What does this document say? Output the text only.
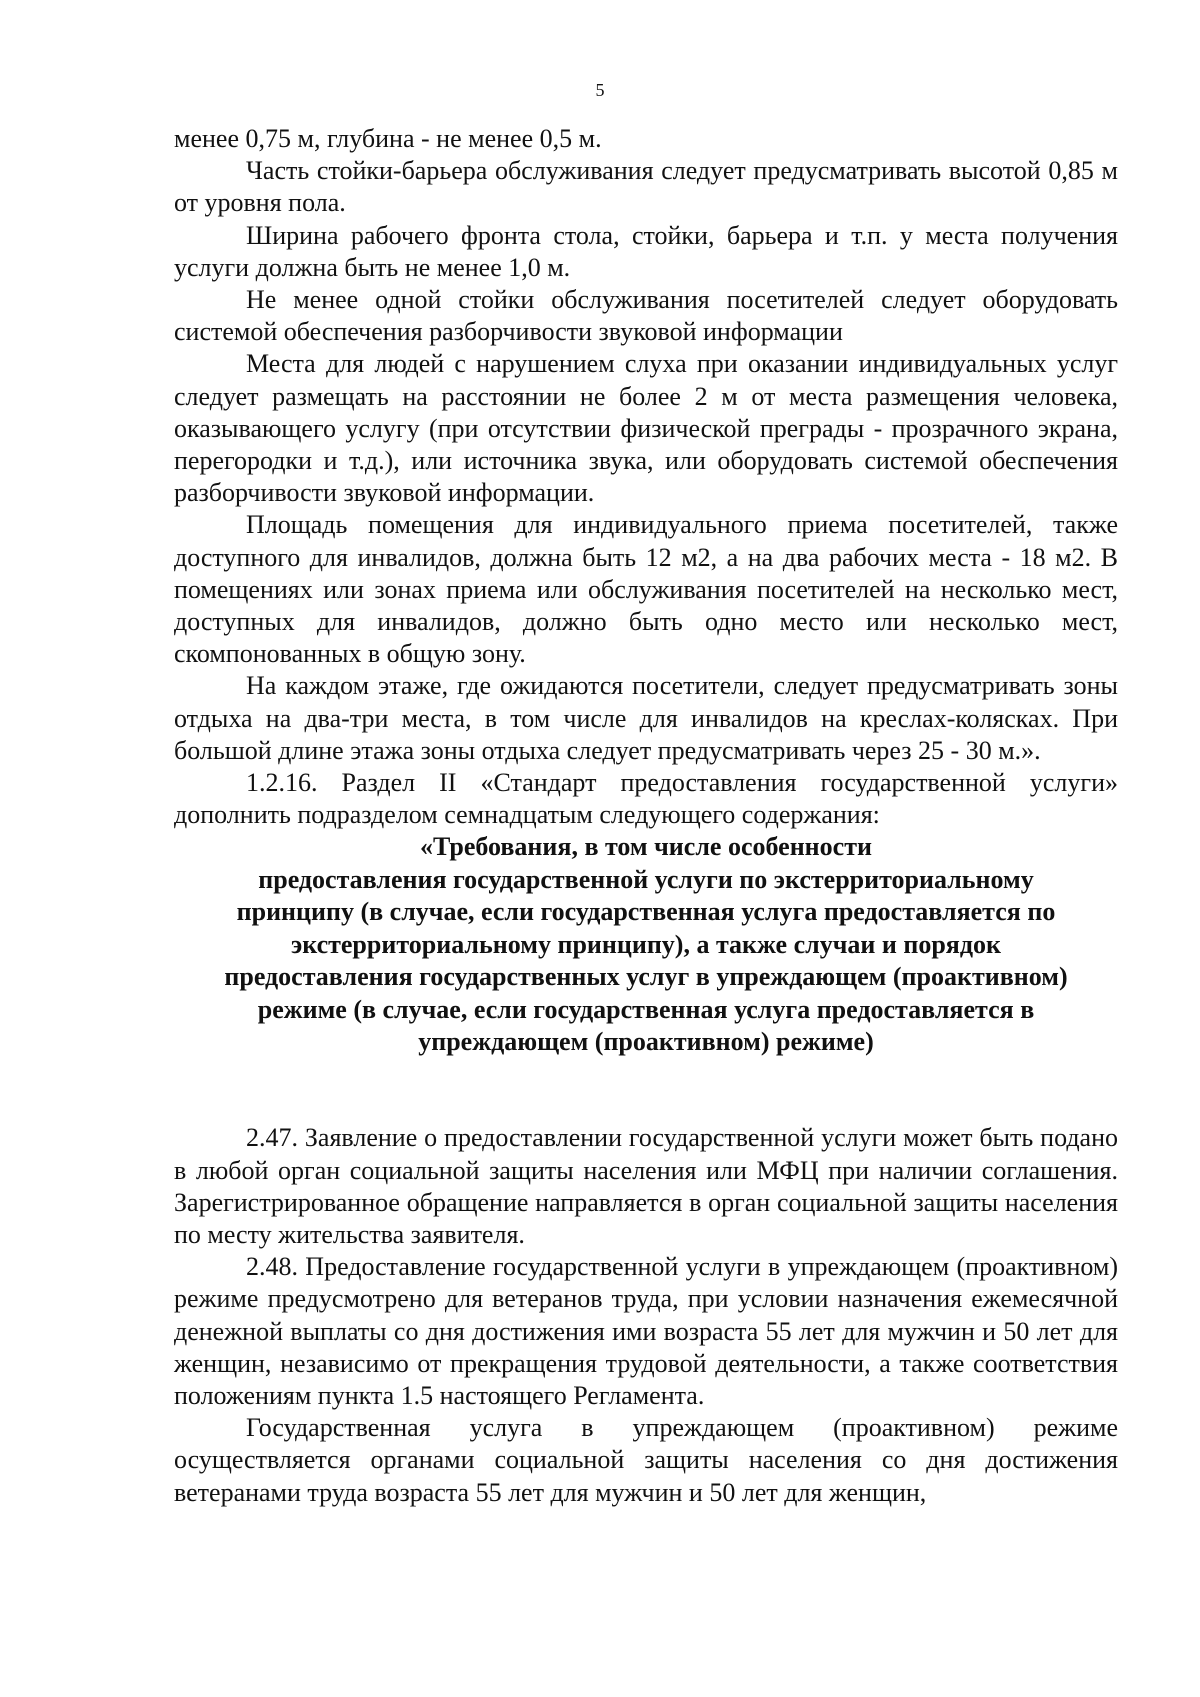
5

менее 0,75 м, глубина - не менее 0,5 м.

Часть стойки-барьера обслуживания следует предусматривать высотой 0,85 м от уровня пола.

Ширина рабочего фронта стола, стойки, барьера и т.п. у места получения услуги должна быть не менее 1,0 м.

Не менее одной стойки обслуживания посетителей следует оборудовать системой обеспечения разборчивости звуковой информации

Места для людей с нарушением слуха при оказании индивидуальных услуг следует размещать на расстоянии не более 2 м от места размещения человека, оказывающего услугу (при отсутствии физической преграды - прозрачного экрана, перегородки и т.д.), или источника звука, или оборудовать системой обеспечения разборчивости звуковой информации.

Площадь помещения для индивидуального приема посетителей, также доступного для инвалидов, должна быть 12 м2, а на два рабочих места - 18 м2. В помещениях или зонах приема или обслуживания посетителей на несколько мест, доступных для инвалидов, должно быть одно место или несколько мест, скомпонованных в общую зону.

На каждом этаже, где ожидаются посетители, следует предусматривать зоны отдыха на два-три места, в том числе для инвалидов на креслах-колясках. При большой длине этажа зоны отдыха следует предусматривать через 25 - 30 м.».

1.2.16. Раздел II «Стандарт предоставления государственной услуги» дополнить подразделом семнадцатым следующего содержания:

«Требования, в том числе особенности
предоставления государственной услуги по экстерриториальному
принципу (в случае, если государственная услуга предоставляется по
экстерриториальному принципу), а также случаи и порядок
предоставления государственных услуг в упреждающем (проактивном)
режиме (в случае, если государственная услуга предоставляется в
упреждающем (проактивном) режиме)

2.47. Заявление о предоставлении государственной услуги может быть подано в любой орган социальной защиты населения или МФЦ при наличии соглашения. Зарегистрированное обращение направляется в орган социальной защиты населения по месту жительства заявителя.

2.48. Предоставление государственной услуги в упреждающем (проактивном) режиме предусмотрено для ветеранов труда, при условии назначения ежемесячной денежной выплаты со дня достижения ими возраста 55 лет для мужчин и 50 лет для женщин, независимо от прекращения трудовой деятельности, а также соответствия положениям пункта 1.5 настоящего Регламента.

Государственная услуга в упреждающем (проактивном) режиме осуществляется органами социальной защиты населения со дня достижения ветеранами труда возраста 55 лет для мужчин и 50 лет для женщин,
